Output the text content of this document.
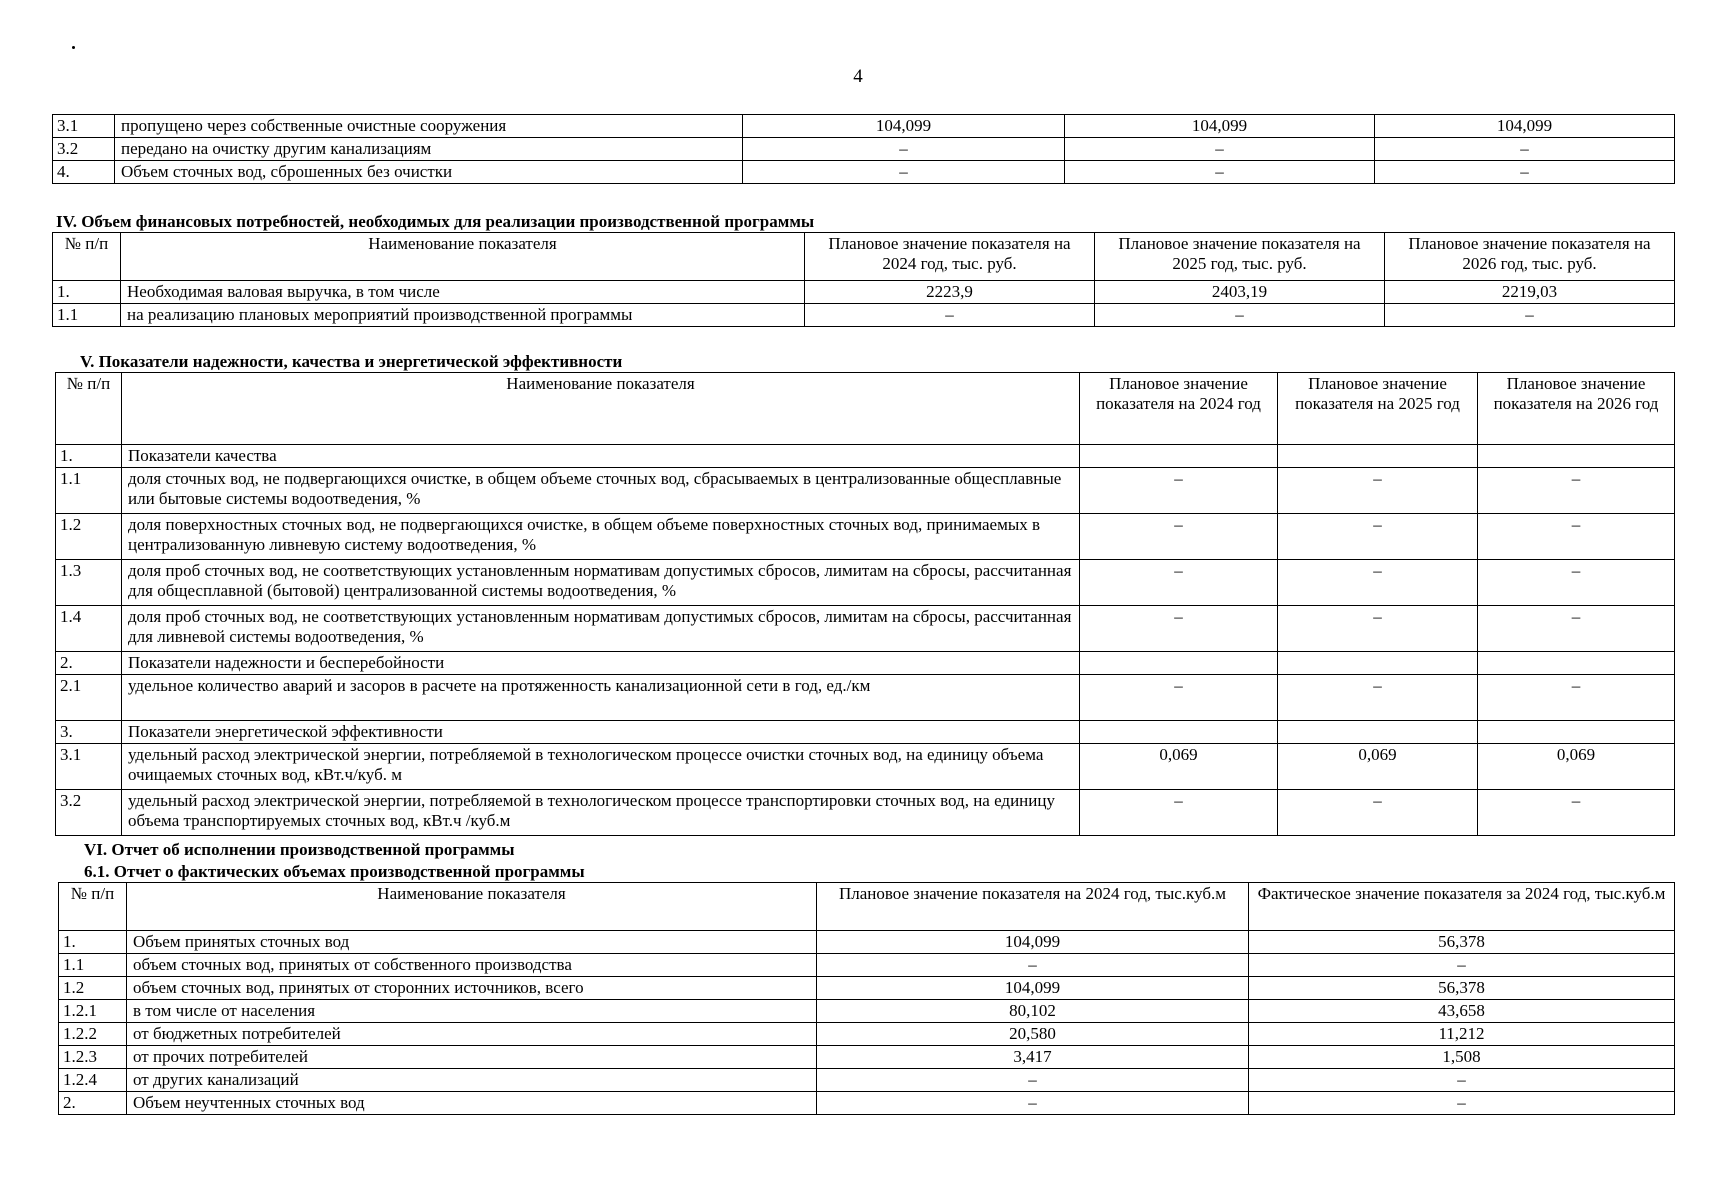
4
3.1	пропущено через собственные очистные сооружения	104,099	104,099	104,099
3.2	передано на очистку другим канализациям	–	–	–
4.	Объем сточных вод, сброшенных без очистки	–	–	–
IV. Объем финансовых потребностей, необходимых для реализации производственной программы
№ п/п	Наименование показателя	Плановое значение показателя на 2024 год, тыс. руб.	Плановое значение показателя на 2025 год, тыс. руб.	Плановое значение показателя на 2026 год, тыс. руб.
1.	Необходимая валовая выручка, в том числе	2223,9	2403,19	2219,03
1.1	на реализацию плановых мероприятий производственной программы	–	–	–
V. Показатели надежности, качества и энергетической эффективности
№ п/п	Наименование показателя	Плановое значение показателя на 2024 год	Плановое значение показателя на 2025 год	Плановое значение показателя на 2026 год
1.	Показатели качества			
1.1	доля сточных вод, не подвергающихся очистке, в общем объеме сточных вод, сбрасываемых в централизованные общесплавные или бытовые системы водоотведения, %	–	–	–
1.2	доля поверхностных сточных вод, не подвергающихся очистке, в общем объеме поверхностных сточных вод, принимаемых в централизованную ливневую систему водоотведения, %	–	–	–
1.3	доля проб сточных вод, не соответствующих установленным нормативам допустимых сбросов, лимитам на сбросы, рассчитанная для общесплавной (бытовой) централизованной системы водоотведения, %	–	–	–
1.4	доля проб сточных вод, не соответствующих установленным нормативам допустимых сбросов, лимитам на сбросы, рассчитанная для ливневой системы водоотведения, %	–	–	–
2.	Показатели надежности и бесперебойности			
2.1	удельное количество аварий и засоров в расчете на протяженность канализационной сети в год, ед./км	–	–	–
3.	Показатели энергетической эффективности			
3.1	удельный расход электрической энергии, потребляемой в технологическом процессе очистки сточных вод, на единицу объема очищаемых сточных вод, кВт.ч/куб. м	0,069	0,069	0,069
3.2	удельный расход электрической энергии, потребляемой в технологическом процессе транспортировки сточных вод, на единицу объема транспортируемых сточных вод, кВт.ч /куб.м	–	–	–
VI. Отчет об исполнении производственной программы
6.1. Отчет о фактических объемах производственной программы
№ п/п	Наименование показателя	Плановое значение показателя на 2024 год, тыс.куб.м	Фактическое значение показателя за 2024 год, тыс.куб.м
1.	Объем принятых сточных вод	104,099	56,378
1.1	объем сточных вод, принятых от собственного производства	–	–
1.2	объем сточных вод, принятых от сторонних источников, всего	104,099	56,378
1.2.1	в том числе от населения	80,102	43,658
1.2.2	от бюджетных потребителей	20,580	11,212
1.2.3	от прочих потребителей	3,417	1,508
1.2.4	от других канализаций	–	–
2.	Объем неучтенных сточных вод	–	–
